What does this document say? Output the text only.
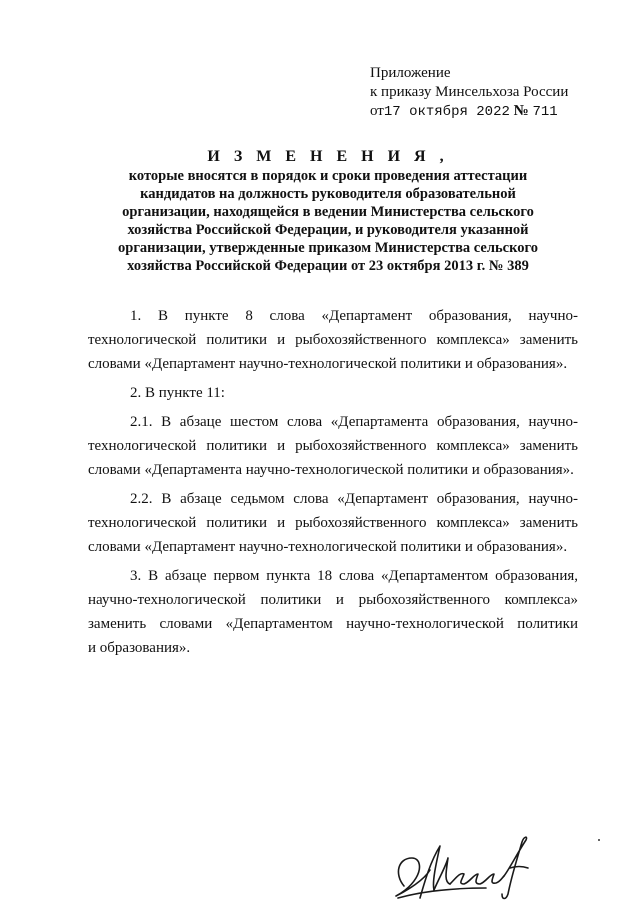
Приложение
к приказу Минсельхоза России
от17 октября 2022 № 711
И З М Е Н Е Н И Я ,
которые вносятся в порядок и сроки проведения аттестации
кандидатов на должность руководителя образовательной
организации, находящейся в ведении Министерства сельского
хозяйства Российской Федерации, и руководителя указанной
организации, утвержденные приказом Министерства сельского
хозяйства Российской Федерации от 23 октября 2013 г. № 389
1. В пункте 8 слова «Департамент образования, научно-
технологической политики и рыбохозяйственного комплекса» заменить
словами «Департамент научно-технологической политики и образования».
2. В пункте 11:
2.1. В абзаце шестом слова «Департамента образования, научно-
технологической политики и рыбохозяйственного комплекса» заменить
словами «Департамента научно-технологической политики и образования».
2.2. В абзаце седьмом слова «Департамент образования, научно-
технологической политики и рыбохозяйственного комплекса» заменить
словами «Департамент научно-технологической политики и образования».
3. В абзаце первом пункта 18 слова «Департаментом образования,
научно-технологической политики и рыбохозяйственного комплекса»
заменить словами «Департаментом научно-технологической политики
и образования».
